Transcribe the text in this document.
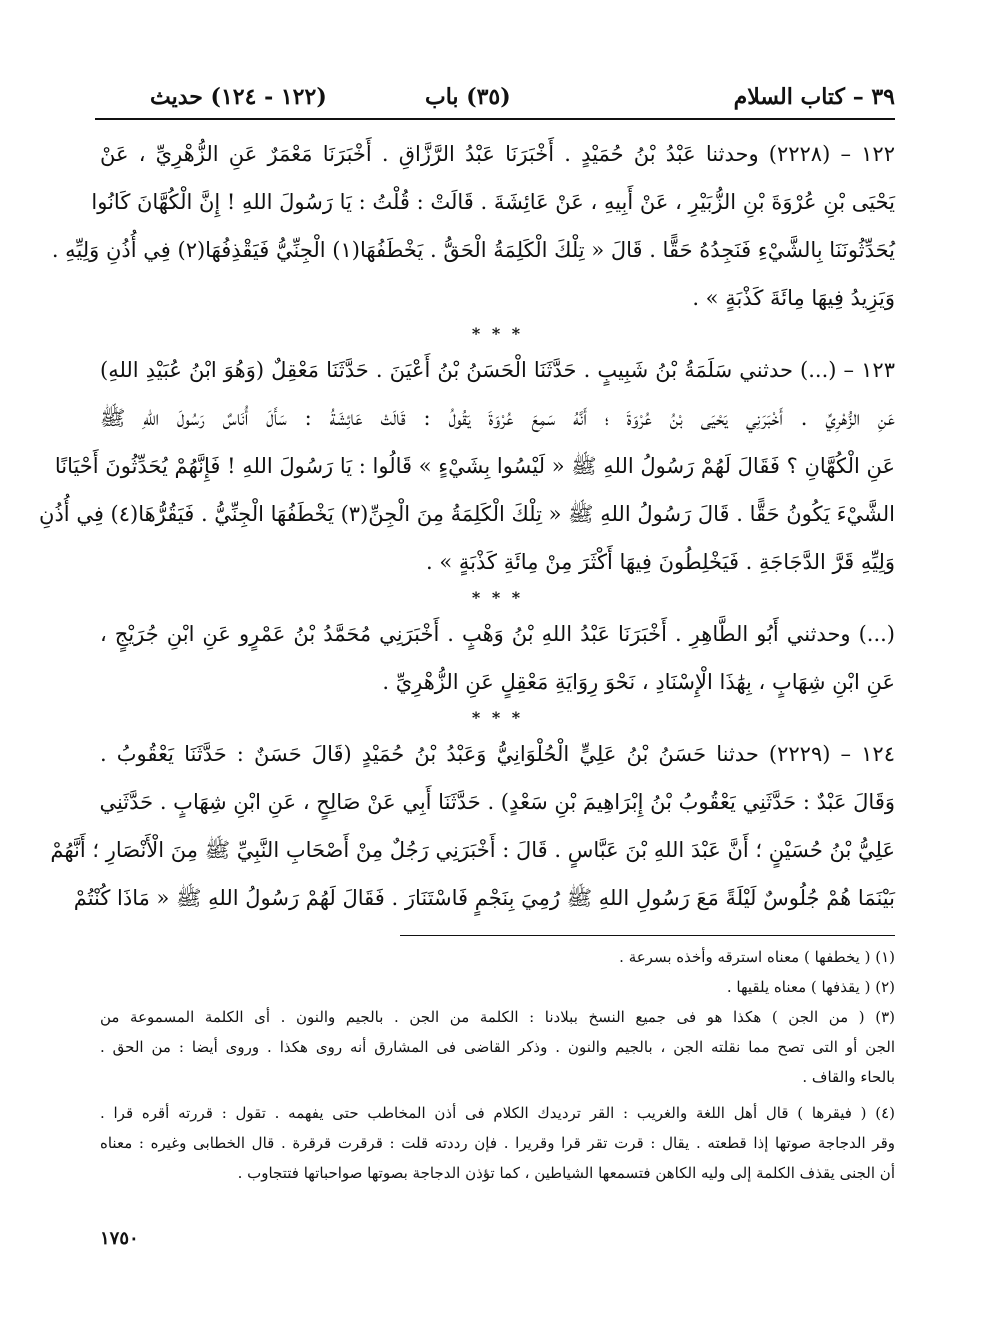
٣٩ – كتاب السلام
(٣٥) باب
(١٢٢ - ١٢٤) حديث
١٢٢ – (٢٢٢٨) وحدثنا عَبْدُ بْنُ حُمَيْدٍ . أَخْبَرَنَا عَبْدُ الرَّزَّاقِ . أَخْبَرَنَا مَعْمَرٌ عَنِ الزُّهْرِيِّ ، عَنْ
يَحْيَى بْنِ عُرْوَةَ بْنِ الزُّبَيْرِ ، عَنْ أَبِيهِ ، عَنْ عَائِشَةَ . قَالَتْ : قُلْتُ : يَا رَسُولَ اللهِ ! إِنَّ الْكُهَّانَ كَانُوا
يُحَدِّثُونَنَا بِالشَّيْءِ فَنَجِدُهُ حَقًّا . قَالَ « تِلْكَ الْكَلِمَةُ الْحَقُّ . يَخْطَفُهَا(١) الْجِنِّيُّ فَيَقْذِفُهَا(٢) فِي أُذُنِ وَلِيِّهِ .
وَيَزِيدُ فِيهَا مِائَةَ كَذْبَةٍ » .
* * *
١٢٣ – (...) حدثني سَلَمَةُ بْنُ شَبِيبٍ . حَدَّثَنَا الْحَسَنُ بْنُ أَعْيَنَ . حَدَّثَنَا مَعْقِلٌ (وَهُوَ ابْنُ عُبَيْدِ اللهِ)
عَنِ الزُّهْرِيِّ . أَخْبَرَنِي يَحْيَى بْنُ عُرْوَةَ ؛ أَنَّهُ سَمِعَ عُرْوَةَ يَقُولُ : قَالَتْ عَائِشَةُ : سَأَلَ أُنَاسٌ رَسُولَ اللهِ ﷺ
عَنِ الْكُهَّانِ ؟ فَقَالَ لَهُمْ رَسُولُ اللهِ ﷺ « لَيْسُوا بِشَيْءٍ » قَالُوا : يَا رَسُولَ اللهِ ! فَإِنَّهُمْ يُحَدِّثُونَ أَحْيَانًا
الشَّيْءَ يَكُونُ حَقًّا . قَالَ رَسُولُ اللهِ ﷺ « تِلْكَ الْكَلِمَةُ مِنَ الْجِنِّ(٣) يَخْطَفُهَا الْجِنِّيُّ . فَيَقُرُّهَا(٤) فِي أُذُنِ
وَلِيِّهِ قَرَّ الدَّجَاجَةِ . فَيَخْلِطُونَ فِيهَا أَكْثَرَ مِنْ مِائَةِ كَذْبَةٍ » .
* * *
(...) وحدثني أَبُو الطَّاهِرِ . أَخْبَرَنَا عَبْدُ اللهِ بْنُ وَهْبٍ . أَخْبَرَنِي مُحَمَّدُ بْنُ عَمْرٍو عَنِ ابْنِ جُرَيْجٍ ،
عَنِ ابْنِ شِهَابٍ ، بِهَٰذَا الْإِسْنَادِ ، نَحْوَ رِوَايَةِ مَعْقِلٍ عَنِ الزُّهْرِيِّ .
* * *
١٢٤ – (٢٢٢٩) حدثنا حَسَنُ بْنُ عَلِيٍّ الْحُلْوَانِيُّ وَعَبْدُ بْنُ حُمَيْدٍ (قَالَ حَسَنٌ : حَدَّثَنَا يَعْقُوبُ .
وَقَالَ عَبْدٌ : حَدَّثَنِي يَعْقُوبُ بْنُ إِبْرَاهِيمَ بْنِ سَعْدٍ) . حَدَّثَنَا أَبِي عَنْ صَالِحٍ ، عَنِ ابْنِ شِهَابٍ . حَدَّثَنِي
عَلِيُّ بْنُ حُسَيْنٍ ؛ أَنَّ عَبْدَ اللهِ بْنَ عَبَّاسٍ . قَالَ : أَخْبَرَنِي رَجُلٌ مِنْ أَصْحَابِ النَّبِيِّ ﷺ مِنَ الْأَنْصَارِ ؛ أَنَّهُمْ
بَيْنَمَا هُمْ جُلُوسٌ لَيْلَةً مَعَ رَسُولِ اللهِ ﷺ رُمِيَ بِنَجْمٍ فَاسْتَنَارَ . فَقَالَ لَهُمْ رَسُولُ اللهِ ﷺ « مَاذَا كُنْتُمْ
(١) ( يخطفها ) معناه استرقه وأخذه بسرعة .
(٢) ( يقذفها ) معناه يلقيها .
(٣) ( من الجن ) هكذا هو فى جميع النسخ ببلادنا : الكلمة من الجن . بالجيم والنون . أى الكلمة المسموعة من
الجن أو التى تصح مما نقلته الجن ، بالجيم والنون . وذكر القاضى فى المشارق أنه روى هكذا . وروى أيضا : من الحق .
بالحاء والقاف .
(٤) ( فيقرها ) قال أهل اللغة والغريب : القر ترديدك الكلام فى أذن المخاطب حتى يفهمه . تقول : قررته أقره قرا .
وقر الدجاجة صوتها إذا قطعته . يقال : قرت تقر قرا وقريرا . فإن رددته قلت : قرقرت قرقرة . قال الخطابى وغيره : معناه
أن الجنى يقذف الكلمة إلى وليه الكاهن فتسمعها الشياطين ، كما تؤذن الدجاجة بصوتها صواحباتها فتتجاوب .
١٧٥٠
